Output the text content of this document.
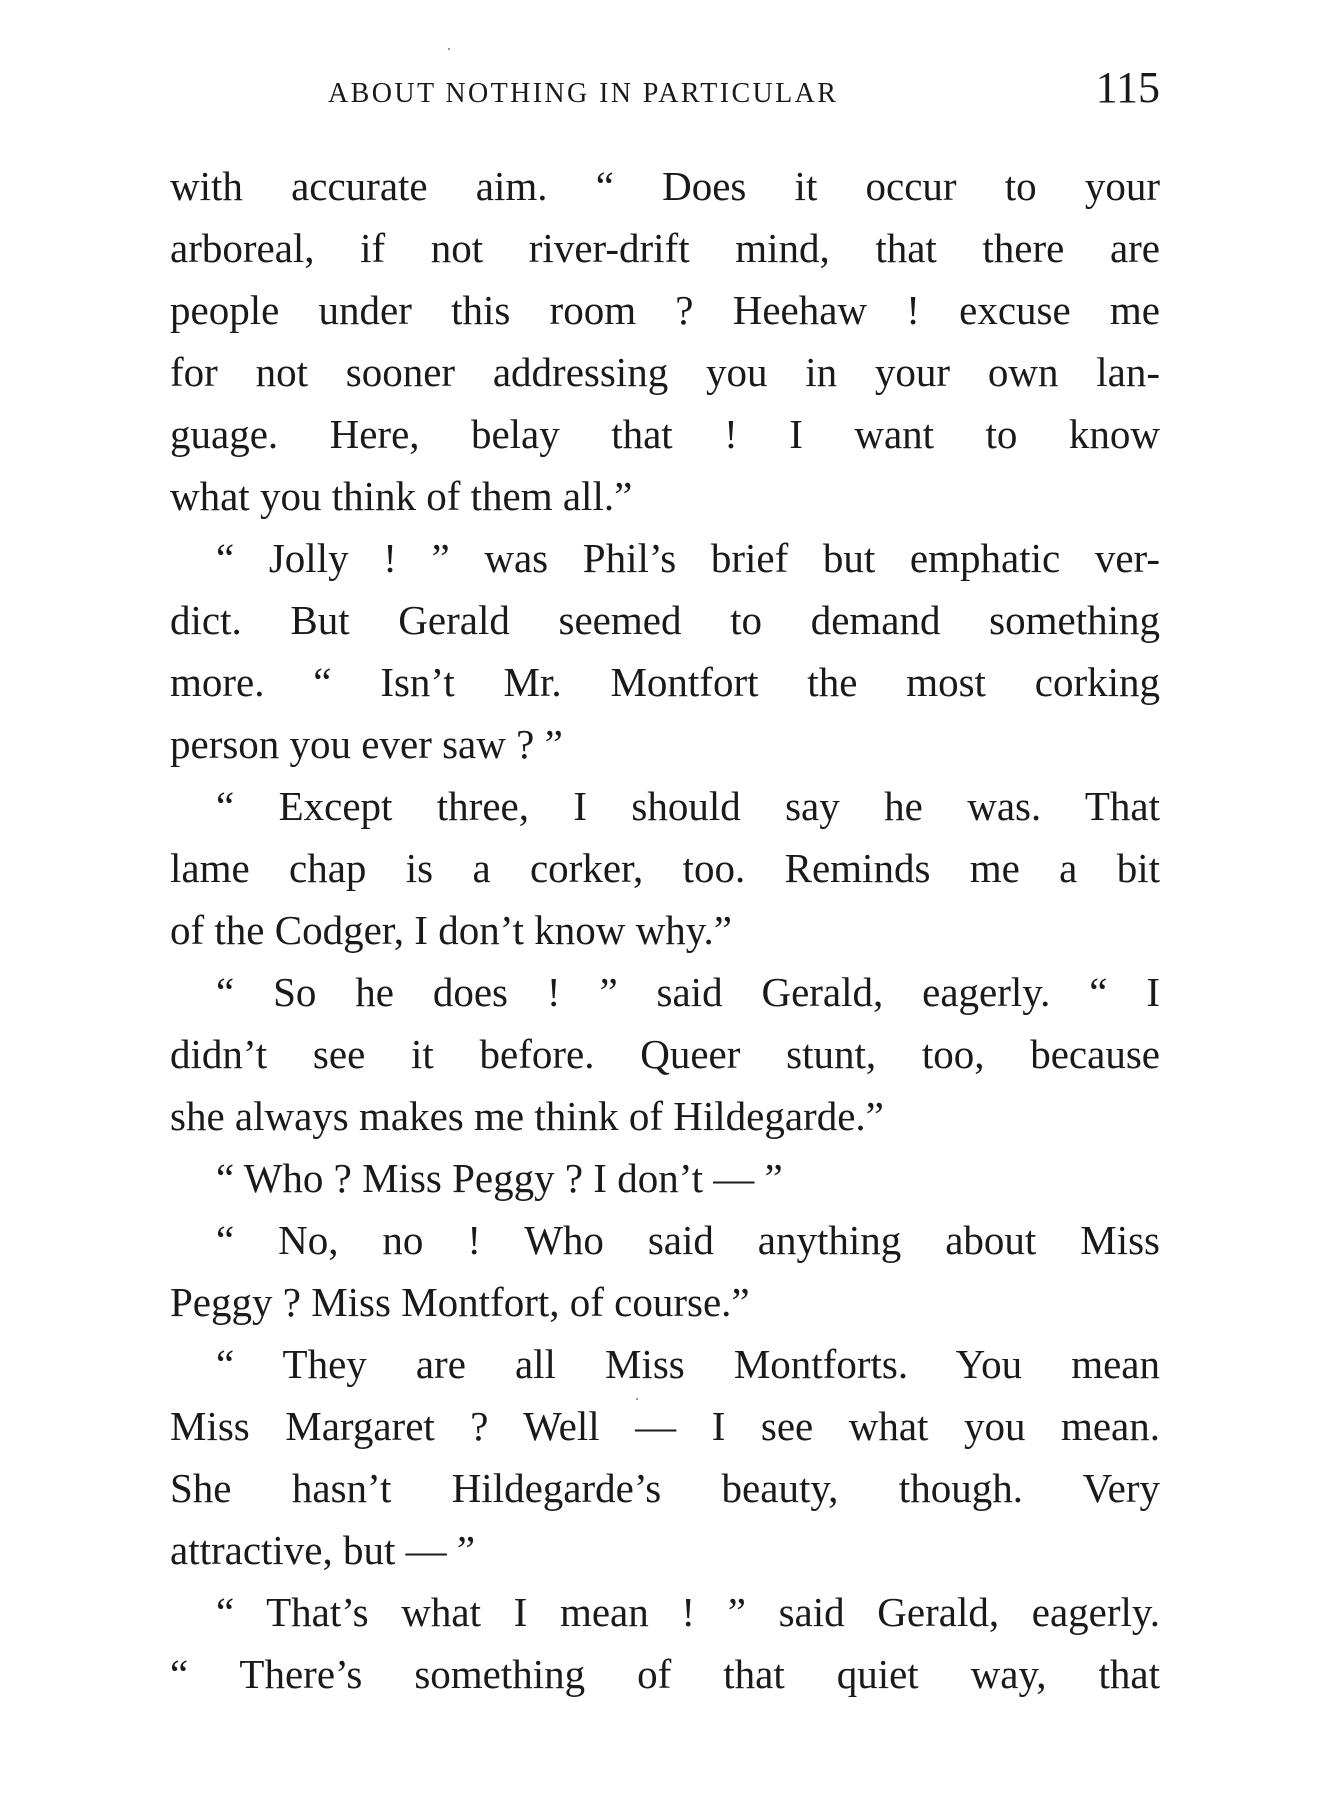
ABOUT NOTHING IN PARTICULAR	115
with accurate aim. “ Does it occur to your
arboreal, if not river-drift mind, that there are
people under this room ? Heehaw ! excuse me
for not sooner addressing you in your own lan-
guage. Here, belay that ! I want to know
what you think of them all.”
“ Jolly ! ” was Phil’s brief but emphatic ver-
dict. But Gerald seemed to demand something
more. “ Isn’t Mr. Montfort the most corking
person you ever saw ? ”
“ Except three, I should say he was. That
lame chap is a corker, too. Reminds me a bit
of the Codger, I don’t know why.”
“ So he does ! ” said Gerald, eagerly. “ I
didn’t see it before. Queer stunt, too, because
she always makes me think of Hildegarde.”
“ Who ? Miss Peggy ? I don’t — ”
“ No, no ! Who said anything about Miss
Peggy ? Miss Montfort, of course.”
“ They are all Miss Montforts. You mean
Miss Margaret ? Well — I see what you mean.
She hasn’t Hildegarde’s beauty, though. Very
attractive, but — ”
“ That’s what I mean ! ” said Gerald, eagerly.
“ There’s something of that quiet way, that
